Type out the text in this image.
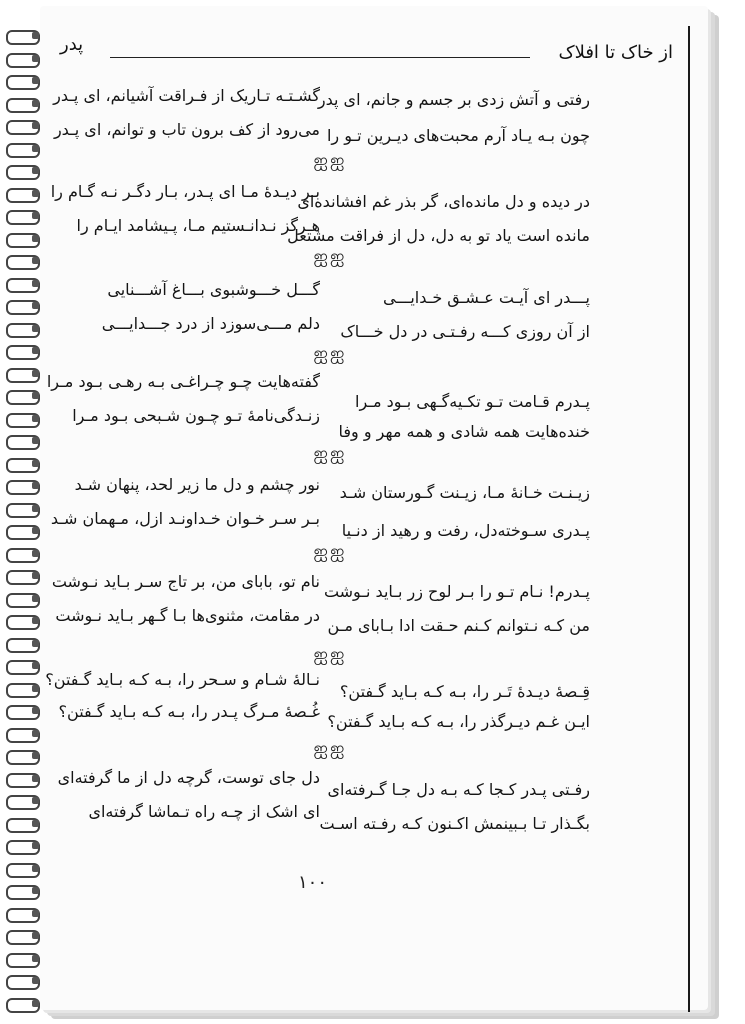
از خاک تا افلاک
پدر
رفتی و آتش زدی بر جسم و جانم، ای پدر
چون بـه یـاد آرم محبت‌های دیـرین تـو را
گشـتـه تـاریک از فـراقت آشیانم، ای پـدر
می‌رود از کف برون تاب و توانم، ای پـدر
ஐஐ
در دیده و دل مانده‌ای، گر بذر غم افشانده‌ای
مانده است یاد تو به دل، دل از فراقت مشتعل
بـر دیـدهٔ مـا ای پـدر، بـار دگـر نـه گـام را
هـرگز نـدانـستیم مـا، پـیشامد ایـام را
ஐஐ
پـــدر ای آیـت عـشـق خـدایـــی
از آن روزی کـــه رفـتـی در دل خـــاک
گـــل خـــوشبوی بـــاغ آشـــنایی
دلم مـــی‌سوزد از درد جـــدایـــی
ஐஐ
پـدرم قـامت تـو تکـیه‌گـهی بـود مـرا
خنده‌هایت همه شادی و همه مهر و وفا
گفته‌هایت چـو چـراغـی بـه رهـی بـود مـرا
زنـدگی‌نامهٔ تـو چـون شـبحی بـود مـرا
ஐஐ
زیـنـت خـانهٔ مـا، زیـنت گـورستان شـد
پـدری سـوخته‌دل، رفت و رهید از دنـیا
نور چشم و دل ما زیر لحد، پنهان شـد
بـر سـر خـوان خـداونـد ازل، مـهمان شـد
ஐஐ
پـدرم! نـام تـو را بـر لوح زر بـاید نـوشت
من کـه نـتوانم کـنم حـقت ادا بـابای مـن
نام تو، بابای من، بر تاج سـر بـاید نـوشت
در مقامت، مثنوی‌ها بـا گـهر بـاید نـوشت
ஐஐ
قِـصهٔ دیـدهٔ تَـر را، بـه کـه بـاید گـفتن؟
ایـن غـم دیـرگذر را، بـه کـه بـاید گـفتن؟
نـالهٔ شـام و سـحر را، بـه کـه بـاید گـفتن؟
غُـصهٔ مـرگ پـدر را، بـه کـه بـاید گـفتن؟
ஐஐ
رفـتی پـدر کـجا کـه بـه دل جـا گـرفته‌ای
بگـذار تـا بـبینمش اکـنون کـه رفـته اسـت
دل جای توست، گرچه دل از ما گرفته‌ای
ای اشک از چـه راه تـماشا گرفته‌ای
۱۰۰
